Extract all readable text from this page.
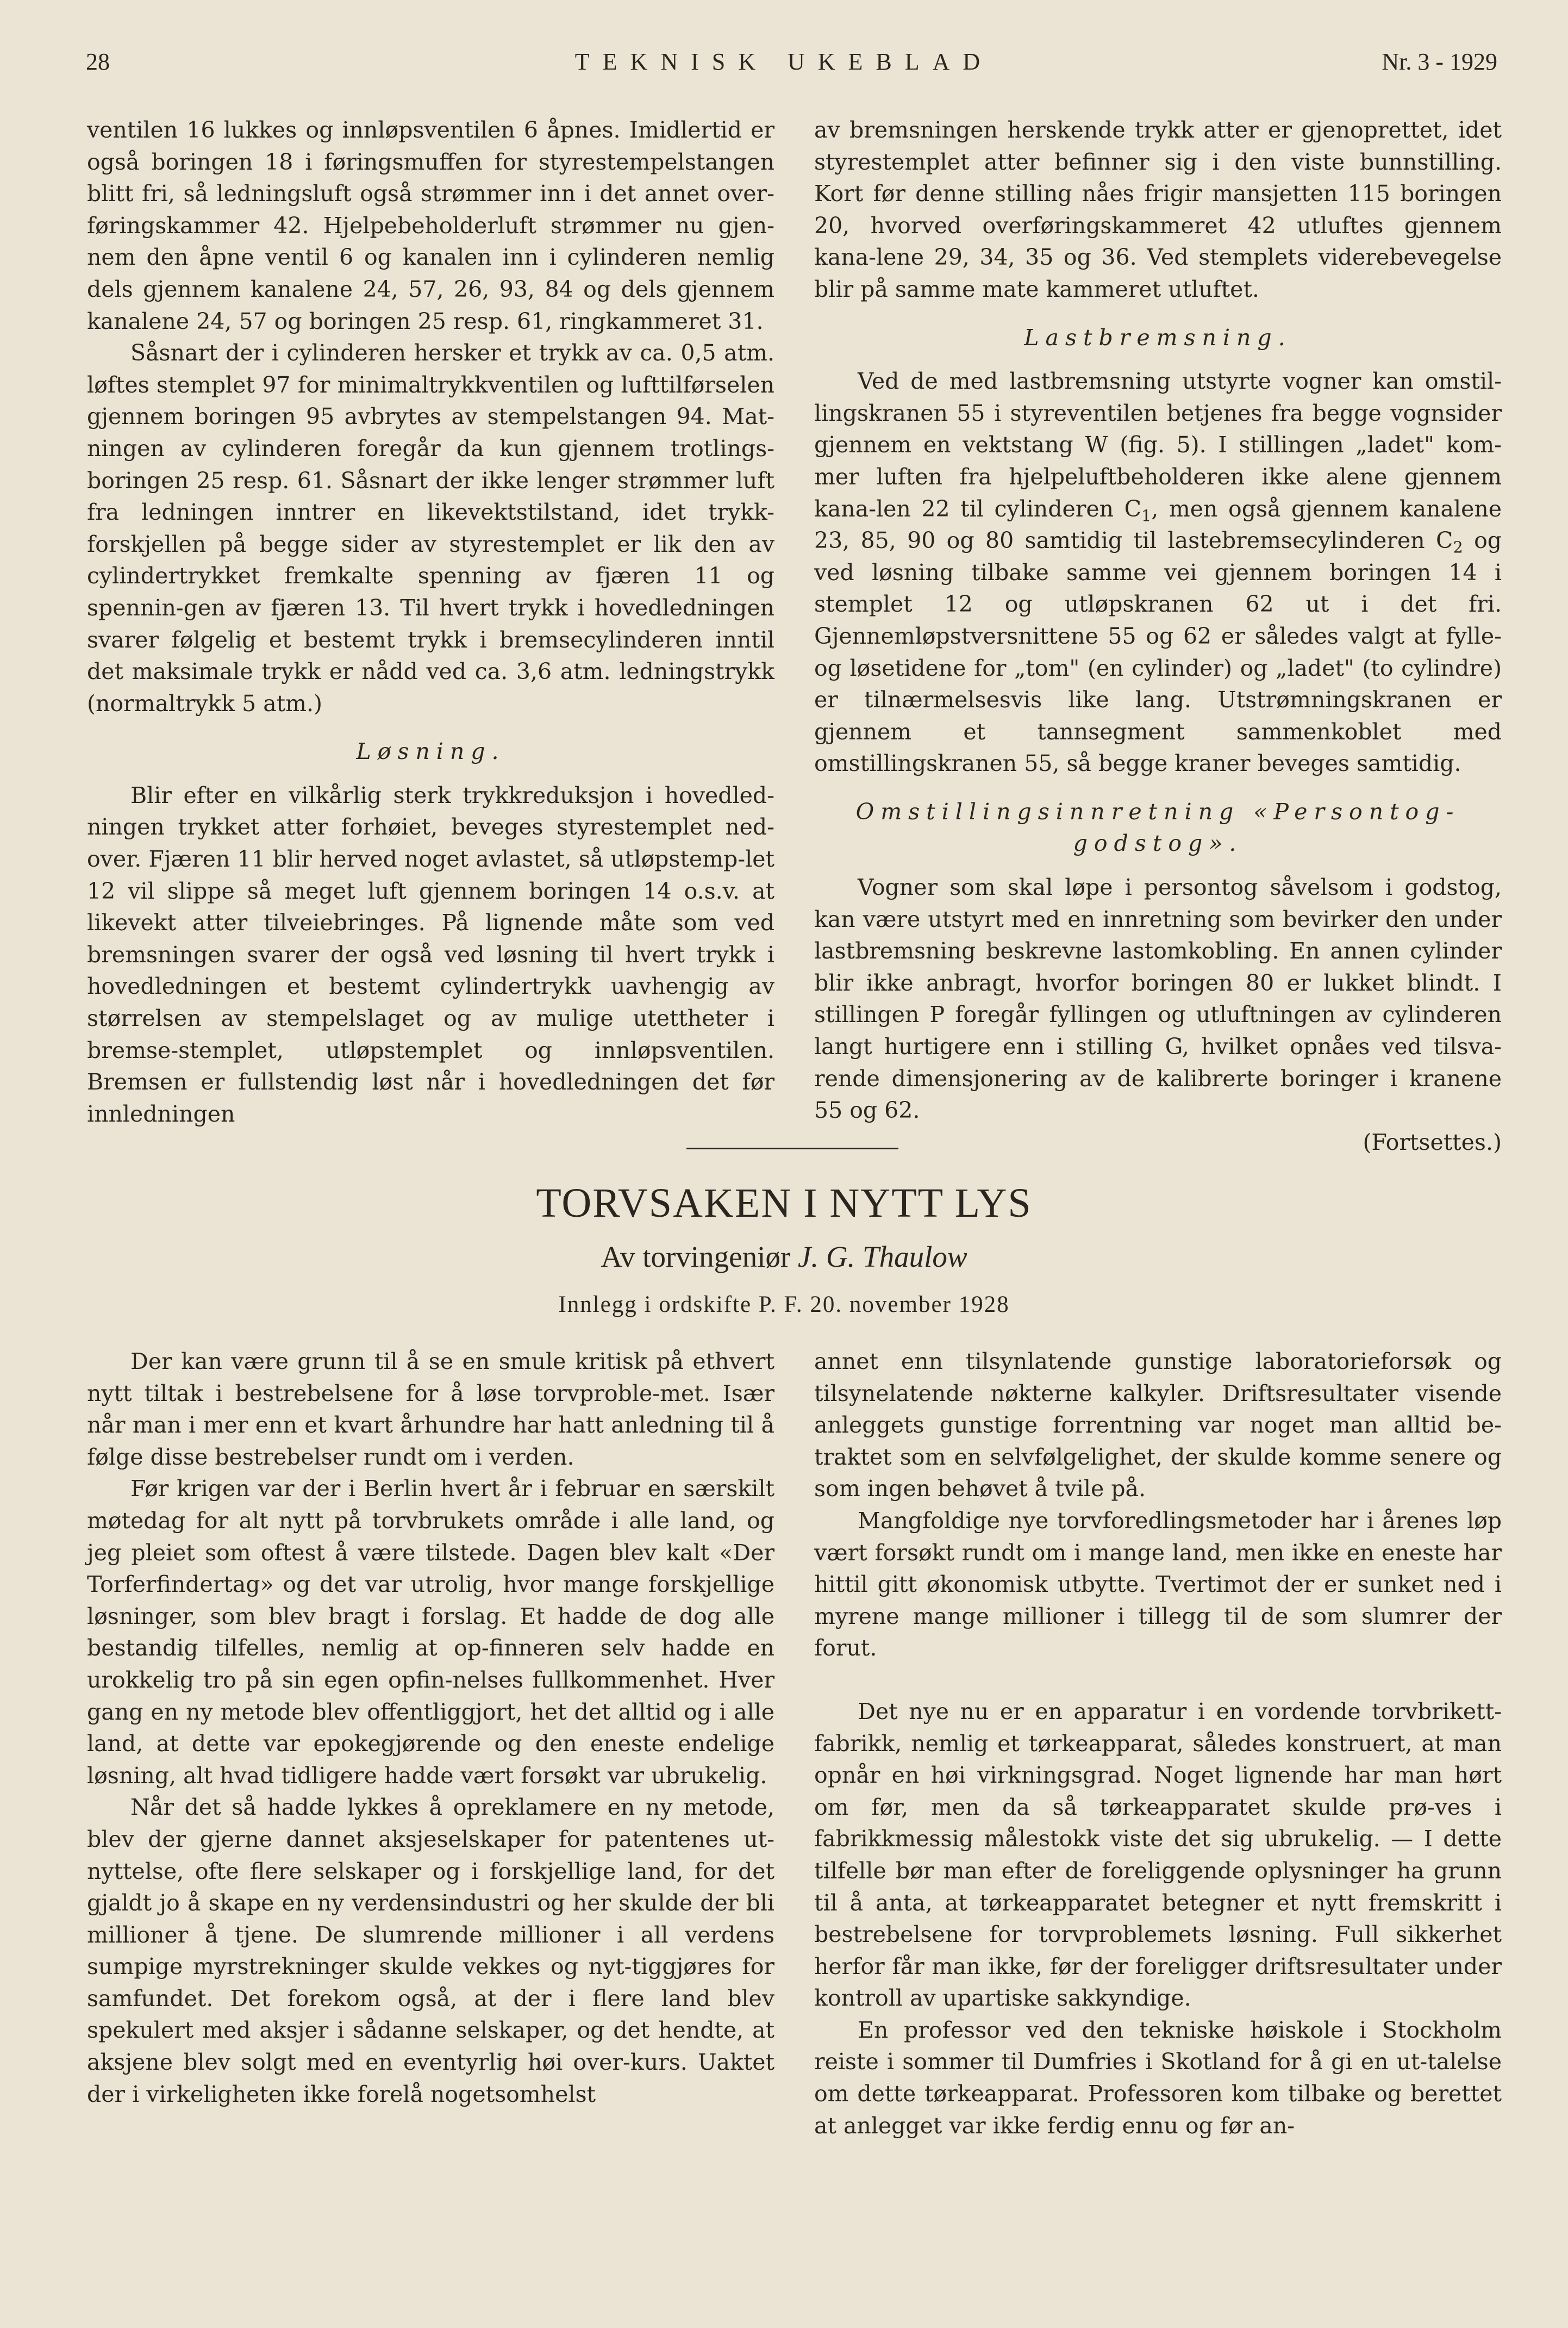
28	TEKNISK UKEBLAD	Nr. 3 - 1929

ventilen 16 lukkes og innløpsventilen 6 åpnes. Imidlertid er også boringen 18 i føringsmuffen for styrestempelstangen blitt fri, så ledningsluft også strømmer inn i det annet over-føringskammer 42. Hjelpebeholderluft strømmer nu gjen-nem den åpne ventil 6 og kanalen inn i cylinderen nemlig dels gjennem kanalene 24, 57, 26, 93, 84 og dels gjennem kanalene 24, 57 og boringen 25 resp. 61, ringkammeret 31.

Såsnart der i cylinderen hersker et trykk av ca. 0,5 atm. løftes stemplet 97 for minimaltrykkventilen og lufttilførselen gjennem boringen 95 avbrytes av stempelstangen 94. Mat-ningen av cylinderen foregår da kun gjennem trotlings-boringen 25 resp. 61. Såsnart der ikke lenger strømmer luft fra ledningen inntrer en likevektstilstand, idet trykk-forskjellen på begge sider av styrestemplet er lik den av cylindertrykket fremkalte spenning av fjæren 11 og spennin-gen av fjæren 13. Til hvert trykk i hovedledningen svarer følgelig et bestemt trykk i bremsecylinderen inntil det maksimale trykk er nådd ved ca. 3,6 atm. ledningstrykk (normaltrykk 5 atm.)

Løsning.

Blir efter en vilkårlig sterk trykkreduksjon i hovedled-ningen trykket atter forhøiet, beveges styrestemplet ned-over. Fjæren 11 blir herved noget avlastet, så utløpstemp-let 12 vil slippe så meget luft gjennem boringen 14 o.s.v. at likevekt atter tilveiebringes. På lignende måte som ved bremsningen svarer der også ved løsning til hvert trykk i hovedledningen et bestemt cylindertrykk uavhengig av størrelsen av stempelslaget og av mulige utettheter i bremse-stemplet, utløpstemplet og innløpsventilen. Bremsen er fullstendig løst når i hovedledningen det før innledningen

av bremsningen herskende trykk atter er gjenoprettet, idet styrestemplet atter befinner sig i den viste bunnstilling. Kort før denne stilling nåes frigir mansjetten 115 boringen 20, hvorved overføringskammeret 42 utluftes gjennem kana-lene 29, 34, 35 og 36. Ved stemplets viderebevegelse blir på samme mate kammeret utluftet.

Lastbremsning.

Ved de med lastbremsning utstyrte vogner kan omstil-lingskranen 55 i styreventilen betjenes fra begge vognsider gjennem en vektstang W (fig. 5). I stillingen „ladet" kom-mer luften fra hjelpeluftbeholderen ikke alene gjennem kana-len 22 til cylinderen $C_1$, men også gjennem kanalene 23, 85, 90 og 80 samtidig til lastebremsecylinderen $C_2$ og ved løsning tilbake samme vei gjennem boringen 14 i stemplet 12 og utløpskranen 62 ut i det fri. Gjennemløpstversnittene 55 og 62 er således valgt at fylle- og løsetidene for „tom" (en cylinder) og „ladet" (to cylindre) er tilnærmelsesvis like lang. Utstrømningskranen er gjennem et tannsegment sammenkoblet med omstillingskranen 55, så begge kraner beveges samtidig.

Omstillingsinnretning «Persontog-godstog».

Vogner som skal løpe i persontog såvelsom i godstog, kan være utstyrt med en innretning som bevirker den under lastbremsning beskrevne lastomkobling. En annen cylinder blir ikke anbragt, hvorfor boringen 80 er lukket blindt. I stillingen P foregår fyllingen og utluftningen av cylinderen langt hurtigere enn i stilling G, hvilket opnåes ved tilsva-rende dimensjonering av de kalibrerte boringer i kranene 55 og 62.

(Fortsettes.)

TORVSAKEN I NYTT LYS
Av torvingeniør J. G. Thaulow
Innlegg i ordskifte P. F. 20. november 1928

Der kan være grunn til å se en smule kritisk på ethvert nytt tiltak i bestrebelsene for å løse torvproble-met. Især når man i mer enn et kvart århundre har hatt anledning til å følge disse bestrebelser rundt om i verden.

Før krigen var der i Berlin hvert år i februar en særskilt møtedag for alt nytt på torvbrukets område i alle land, og jeg pleiet som oftest å være tilstede. Dagen blev kalt «Der Torferfindertag» og det var utrolig, hvor mange forskjellige løsninger, som blev bragt i forslag. Et hadde de dog alle bestandig tilfelles, nemlig at op-finneren selv hadde en urokkelig tro på sin egen opfin-nelses fullkommenhet. Hver gang en ny metode blev offentliggjort, het det alltid og i alle land, at dette var epokegjørende og den eneste endelige løsning, alt hvad tidligere hadde vært forsøkt var ubrukelig.

Når det så hadde lykkes å opreklamere en ny metode, blev der gjerne dannet aksjeselskaper for patentenes ut-nyttelse, ofte flere selskaper og i forskjellige land, for det gjaldt jo å skape en ny verdensindustri og her skulde der bli millioner å tjene. De slumrende millioner i all verdens sumpige myrstrekninger skulde vekkes og nyt-tiggjøres for samfundet. Det forekom også, at der i flere land blev spekulert med aksjer i sådanne selskaper, og det hendte, at aksjene blev solgt med en eventyrlig høi over-kurs. Uaktet der i virkeligheten ikke forelå nogetsomhelst

annet enn tilsynlatende gunstige laboratorieforsøk og tilsynelatende nøkterne kalkyler. Driftsresultater visende anleggets gunstige forrentning var noget man alltid be-traktet som en selvfølgelighet, der skulde komme senere og som ingen behøvet å tvile på.

Mangfoldige nye torvforedlingsmetoder har i årenes løp vært forsøkt rundt om i mange land, men ikke en eneste har hittil gitt økonomisk utbytte. Tvertimot der er sunket ned i myrene mange millioner i tillegg til de som slumrer der forut.

Det nye nu er en apparatur i en vordende torvbrikett-fabrikk, nemlig et tørkeapparat, således konstruert, at man opnår en høi virkningsgrad. Noget lignende har man hørt om før, men da så tørkeapparatet skulde prø-ves i fabrikkmessig målestokk viste det sig ubrukelig. — I dette tilfelle bør man efter de foreliggende oplysninger ha grunn til å anta, at tørkeapparatet betegner et nytt fremskritt i bestrebelsene for torvproblemets løsning. Full sikkerhet herfor får man ikke, før der foreligger driftsresultater under kontroll av upartiske sakkyndige.

En professor ved den tekniske høiskole i Stockholm reiste i sommer til Dumfries i Skotland for å gi en ut-talelse om dette tørkeapparat. Professoren kom tilbake og berettet at anlegget var ikke ferdig ennu og før an-
